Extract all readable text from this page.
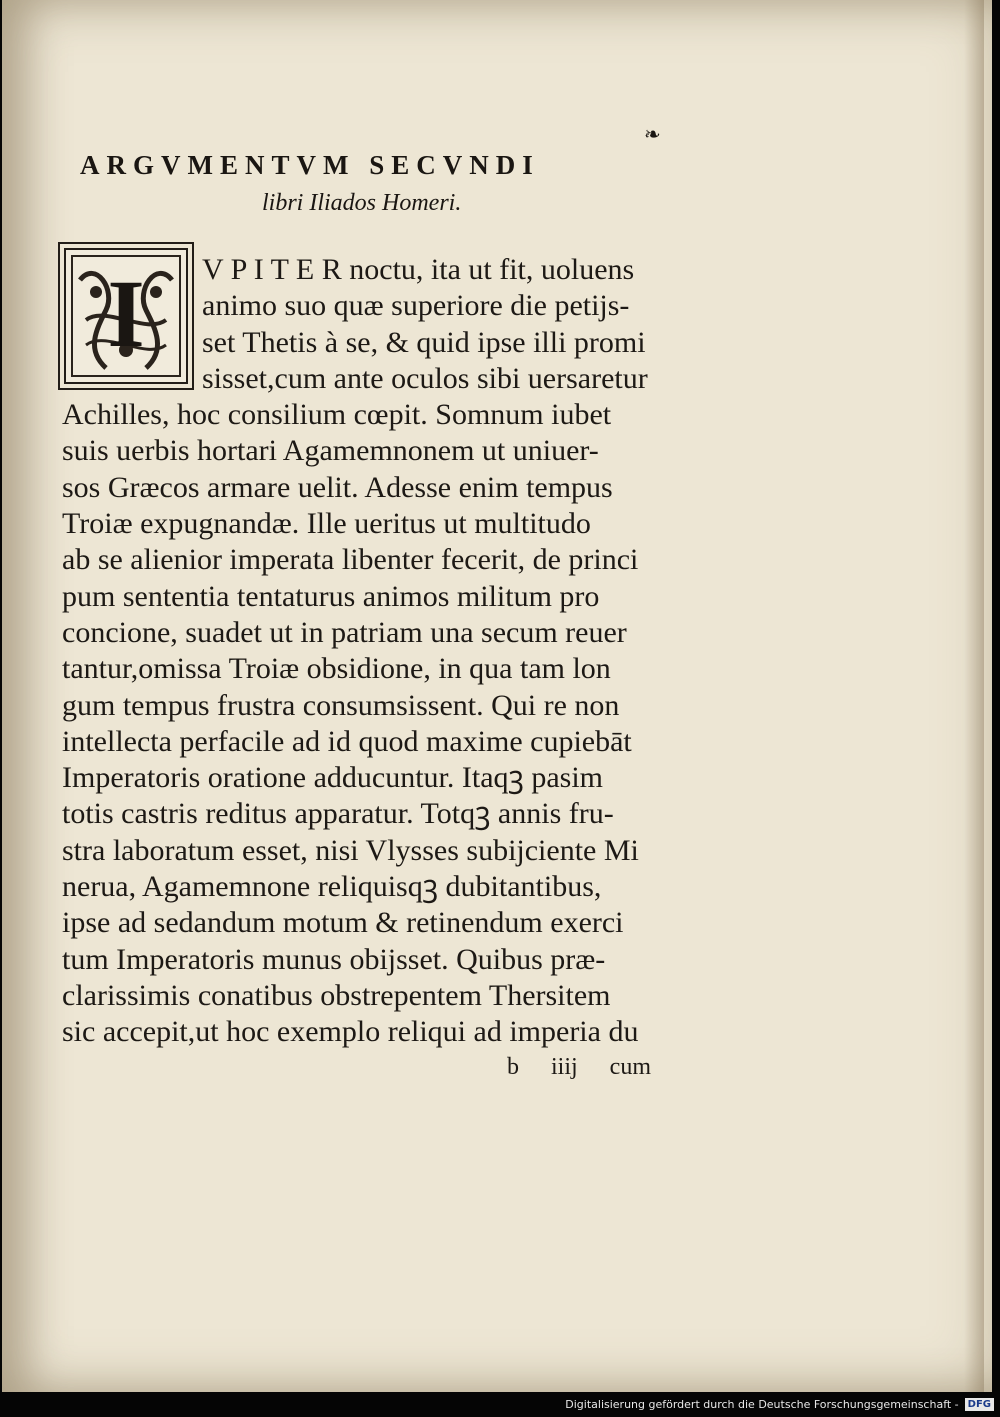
❧
ARGVMENTVM SECVNDI
libri Iliados Homeri.
I	V P I T E R noctu, ita ut fit, uoluens
animo suo quæ superiore die petijs-
set Thetis à se, & quid ipse illi promi
sisset,cum ante oculos sibi uersaretur
Achilles, hoc consilium cœpit. Somnum iubet
suis uerbis hortari Agamemnonem ut uniuer-
sos Græcos armare uelit. Adesse enim tempus
Troiæ expugnandæ. Ille ueritus ut multitudo
ab se alienior imperata libenter fecerit, de princi
pum sententia tentaturus animos militum pro
concione, suadet ut in patriam una secum reuer
tantur,omissa Troiæ obsidione, in qua tam lon
gum tempus frustra consumsissent. Qui re non
intellecta perfacile ad id quod maxime cupiebāt
Imperatoris oratione adducuntur. Itaqꝫ pasim
totis castris reditus apparatur. Totqꝫ annis fru-
stra laboratum esset, nisi Vlysses subijciente Mi
nerua, Agamemnone reliquisqꝫ dubitantibus,
ipse ad sedandum motum & retinendum exerci
tum Imperatoris munus obijsset. Quibus præ-
clarissimis conatibus obstrepentem Thersitem
sic accepit,ut hoc exemplo reliqui ad imperia du
b iiij cum
Digitalisierung gefördert durch die Deutsche Forschungsgemeinschaft - DFG
